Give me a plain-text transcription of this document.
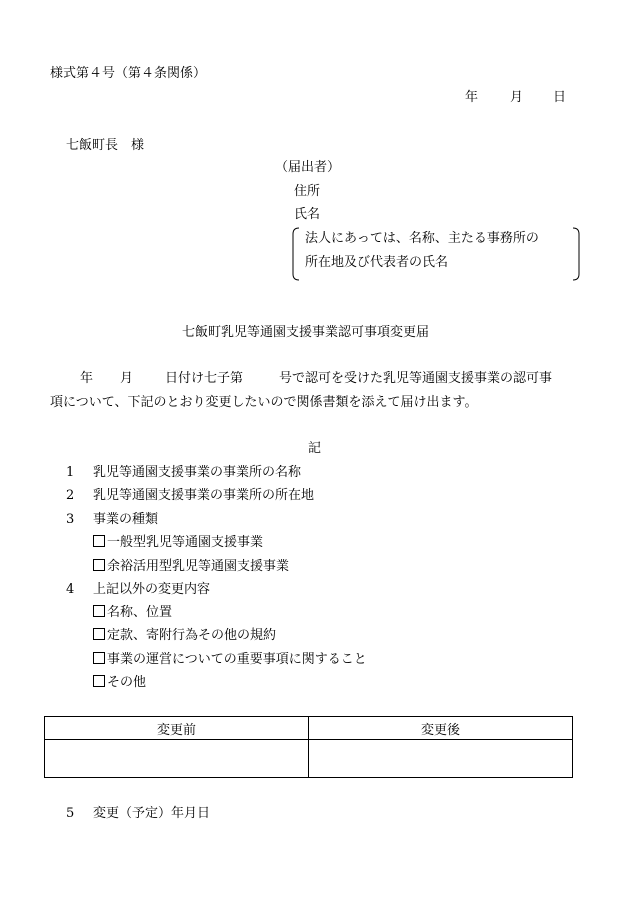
様式第４号（第４条関係）
年 月 日
七飯町長　様
（届出者）
住所
氏名
法人にあっては、名称、主たる事務所の
所在地及び代表者の氏名
七飯町乳児等通園支援事業認可事項変更届
年 月 日付け七子第	号で認可を受けた乳児等通園支援事業の認可事
項について、下記のとおり変更したいので関係書類を添えて届け出ます。
記
1 乳児等通園支援事業の事業所の名称
2 乳児等通園支援事業の事業所の所在地
3 事業の種類
一般型乳児等通園支援事業
余裕活用型乳児等通園支援事業
4 上記以外の変更内容
名称、位置
定款、寄附行為その他の規約
事業の運営についての重要事項に関すること
その他
変更前	変更後

5 変更（予定）年月日
